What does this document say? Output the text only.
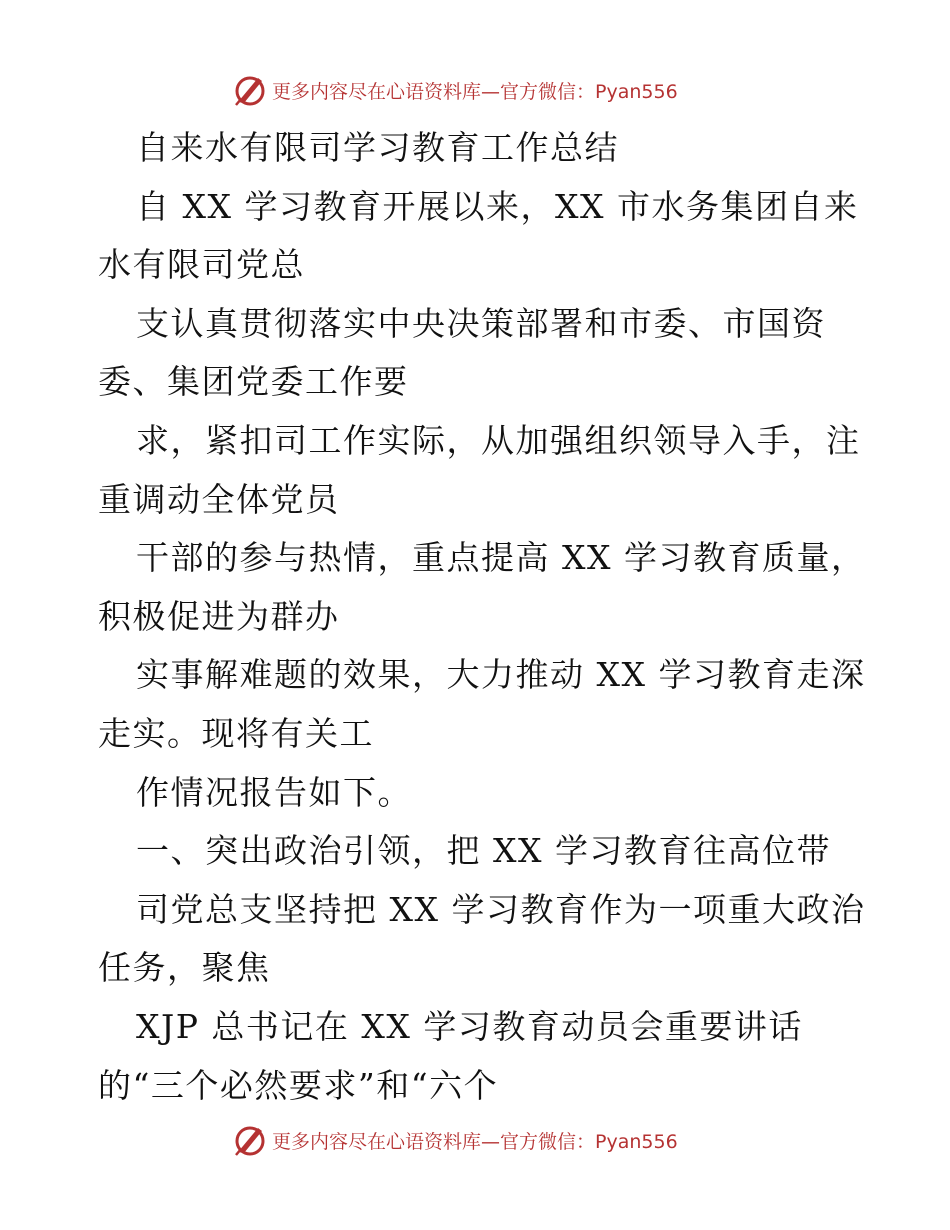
更多内容尽在心语资料库—官方微信：Pyan556
自来水有限司学习教育工作总结
自 XX 学习教育开展以来，XX 市水务集团自来
水有限司党总
支认真贯彻落实中央决策部署和市委、市国资
委、集团党委工作要
求，紧扣司工作实际，从加强组织领导入手，注
重调动全体党员
干部的参与热情，重点提高 XX 学习教育质量，
积极促进为群办
实事解难题的效果，大力推动 XX 学习教育走深
走实。现将有关工
作情况报告如下。
一、突出政治引领，把 XX 学习教育往高位带
司党总支坚持把 XX 学习教育作为一项重大政治
任务，聚焦
XJP 总书记在 XX 学习教育动员会重要讲话
的“三个必然要求”和“六个
更多内容尽在心语资料库—官方微信：Pyan556
